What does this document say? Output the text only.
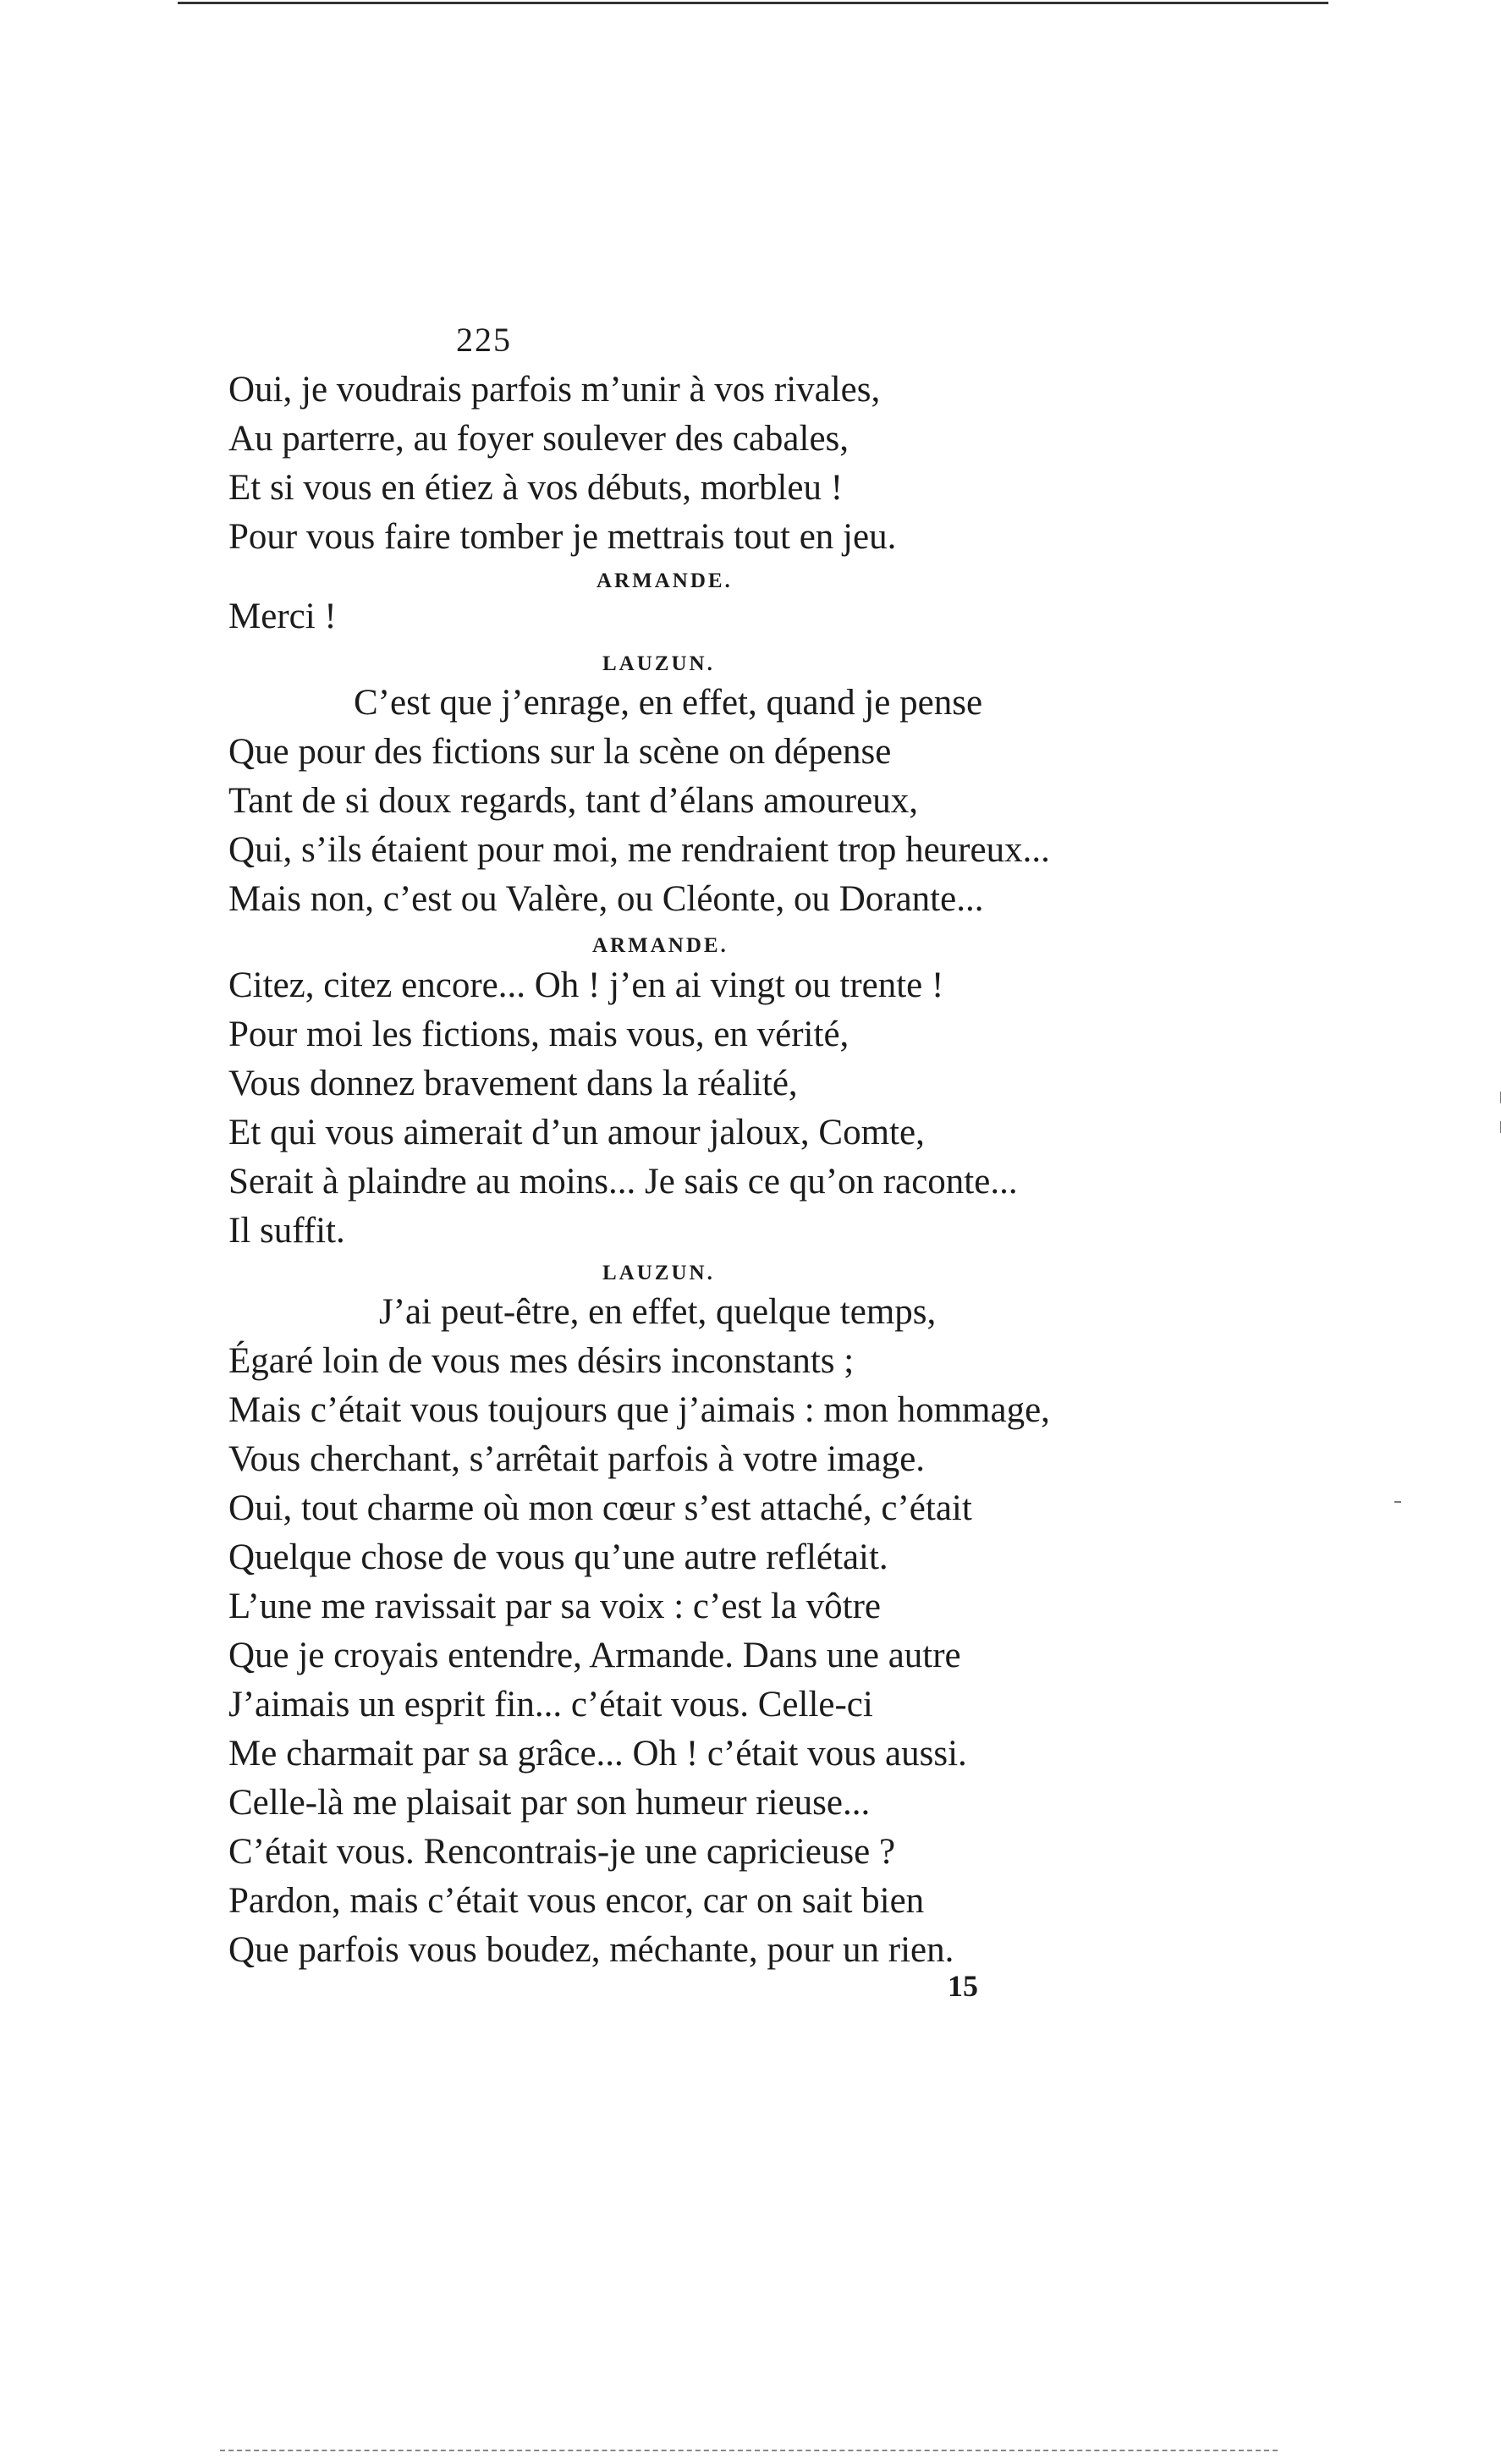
225
Oui, je voudrais parfois m’unir à vos rivales,
Au parterre, au foyer soulever des cabales,
Et si vous en étiez à vos débuts, morbleu !
Pour vous faire tomber je mettrais tout en jeu.
ARMANDE.
Merci !
LAUZUN.
C’est que j’enrage, en effet, quand je pense
Que pour des fictions sur la scène on dépense
Tant de si doux regards, tant d’élans amoureux,
Qui, s’ils étaient pour moi, me rendraient trop heureux...
Mais non, c’est ou Valère, ou Cléonte, ou Dorante...
ARMANDE.
Citez, citez encore... Oh ! j’en ai vingt ou trente !
Pour moi les fictions, mais vous, en vérité,
Vous donnez bravement dans la réalité,
Et qui vous aimerait d’un amour jaloux, Comte,
Serait à plaindre au moins... Je sais ce qu’on raconte...
Il suffit.
LAUZUN.
J’ai peut-être, en effet, quelque temps,
Égaré loin de vous mes désirs inconstants ;
Mais c’était vous toujours que j’aimais : mon hommage,
Vous cherchant, s’arrêtait parfois à votre image.
Oui, tout charme où mon cœur s’est attaché, c’était
Quelque chose de vous qu’une autre reflétait.
L’une me ravissait par sa voix : c’est la vôtre
Que je croyais entendre, Armande. Dans une autre
J’aimais un esprit fin... c’était vous. Celle-ci
Me charmait par sa grâce... Oh ! c’était vous aussi.
Celle-là me plaisait par son humeur rieuse...
C’était vous. Rencontrais-je une capricieuse ?
Pardon, mais c’était vous encor, car on sait bien
Que parfois vous boudez, méchante, pour un rien.
15
